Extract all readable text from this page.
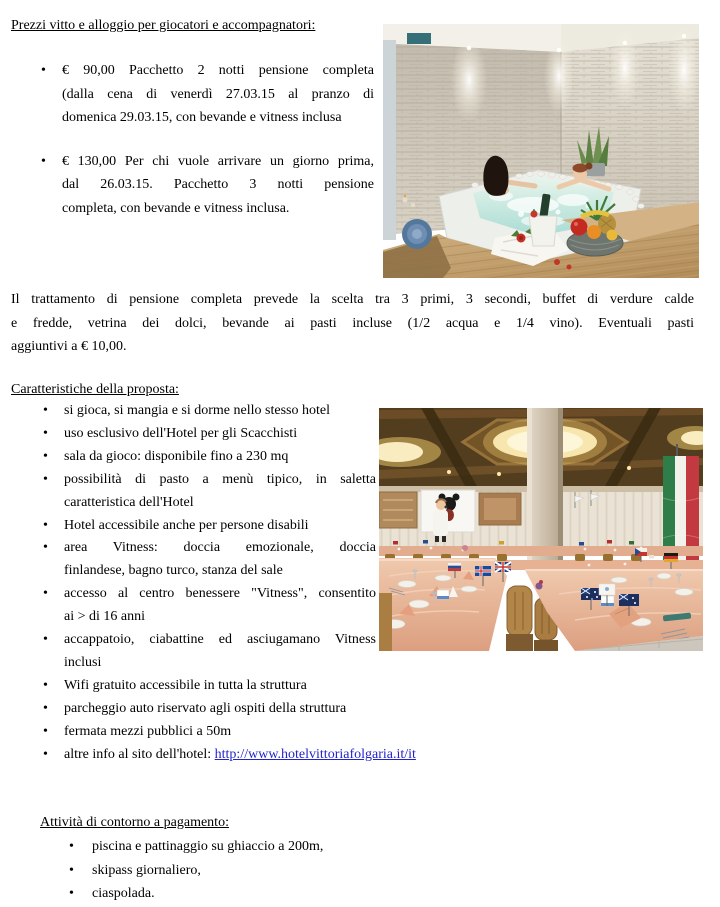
Prezzi vitto e alloggio per giocatori e accompagnatori:
• € 90,00 Pacchetto 2 notti pensione completa
(dalla cena di venerdì 27.03.15 al pranzo di
domenica 29.03.15, con bevande e vitness inclusa
• € 130,00 Per chi vuole arrivare un giorno prima,
dal 26.03.15. Pacchetto 3 notti pensione
completa, con bevande e vitness inclusa.

Il trattamento di pensione completa prevede la scelta tra 3 primi, 3 secondi, buffet di verdure calde
e fredde, vetrina dei dolci, bevande ai pasti incluse (1/2 acqua e 1/4 vino). Eventuali pasti
aggiuntivi a € 10,00.

Caratteristiche della proposta:
• si gioca, si mangia e si dorme nello stesso hotel
• uso esclusivo dell'Hotel per gli Scacchisti
• sala da gioco: disponibile fino a 230 mq
• possibilità di pasto a menù tipico, in saletta
caratteristica dell'Hotel
• Hotel accessibile anche per persone disabili
• area Vitness: doccia emozionale, doccia
finlandese, bagno turco, stanza del sale
• accesso al centro benessere "Vitness", consentito
ai > di 16 anni
• accappatoio, ciabattine ed asciugamano Vitness
inclusi
• Wifi gratuito accessibile in tutta la struttura
• parcheggio auto riservato agli ospiti della struttura
• fermata mezzi pubblici a 50m
• altre info al sito dell'hotel: http://www.hotelvittoriafolgaria.it/it
Attività di contorno a pagamento:
• piscina e pattinaggio su ghiaccio a 200m,
• skipass giornaliero,
• ciaspolada.
